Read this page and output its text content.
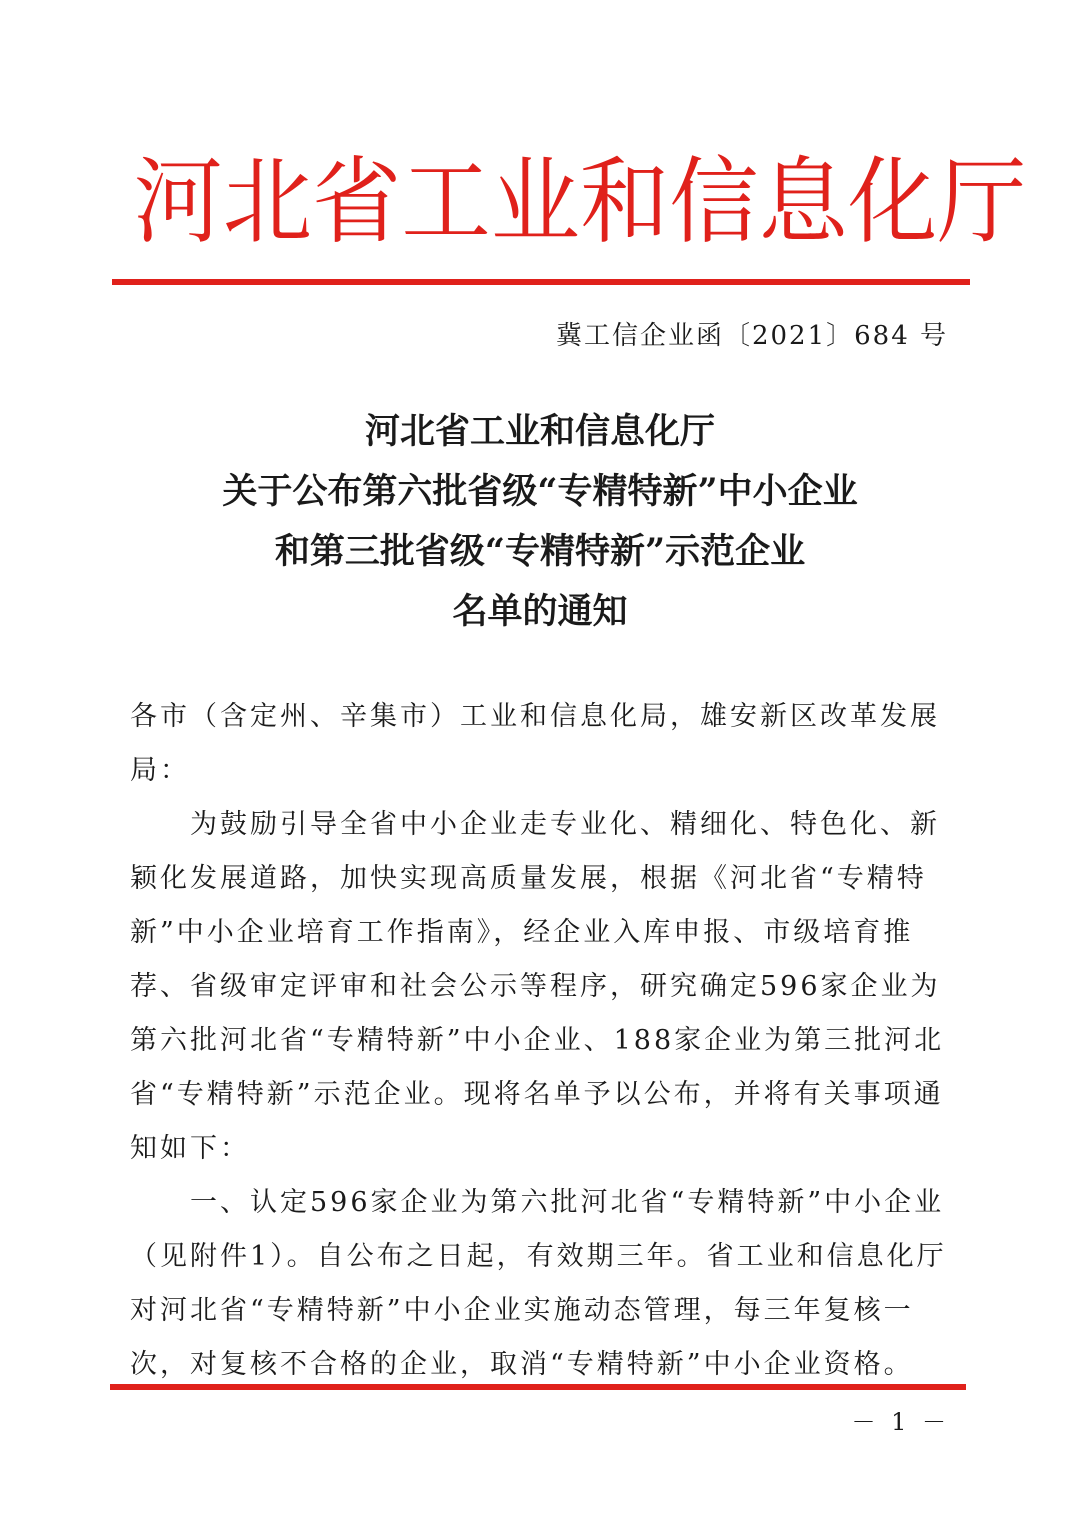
河北省工业和信息化厅
冀工信企业函〔2021〕684 号
河北省工业和信息化厅
关于公布第六批省级“专精特新”中小企业
和第三批省级“专精特新”示范企业
名单的通知

各市（含定州、辛集市）工业和信息化局，雄安新区改革发展局：

为鼓励引导全省中小企业走专业化、精细化、特色化、新颖化发展道路，加快实现高质量发展，根据《河北省“专精特新”中小企业培育工作指南》，经企业入库申报、市级培育推荐、省级审定评审和社会公示等程序，研究确定596家企业为第六批河北省“专精特新”中小企业、188家企业为第三批河北省“专精特新”示范企业。现将名单予以公布，并将有关事项通知如下：

一、认定596家企业为第六批河北省“专精特新”中小企业（见附件1）。自公布之日起，有效期三年。省工业和信息化厅对河北省“专精特新”中小企业实施动态管理，每三年复核一次，对复核不合格的企业，取消“专精特新”中小企业资格。

－ 1 －
